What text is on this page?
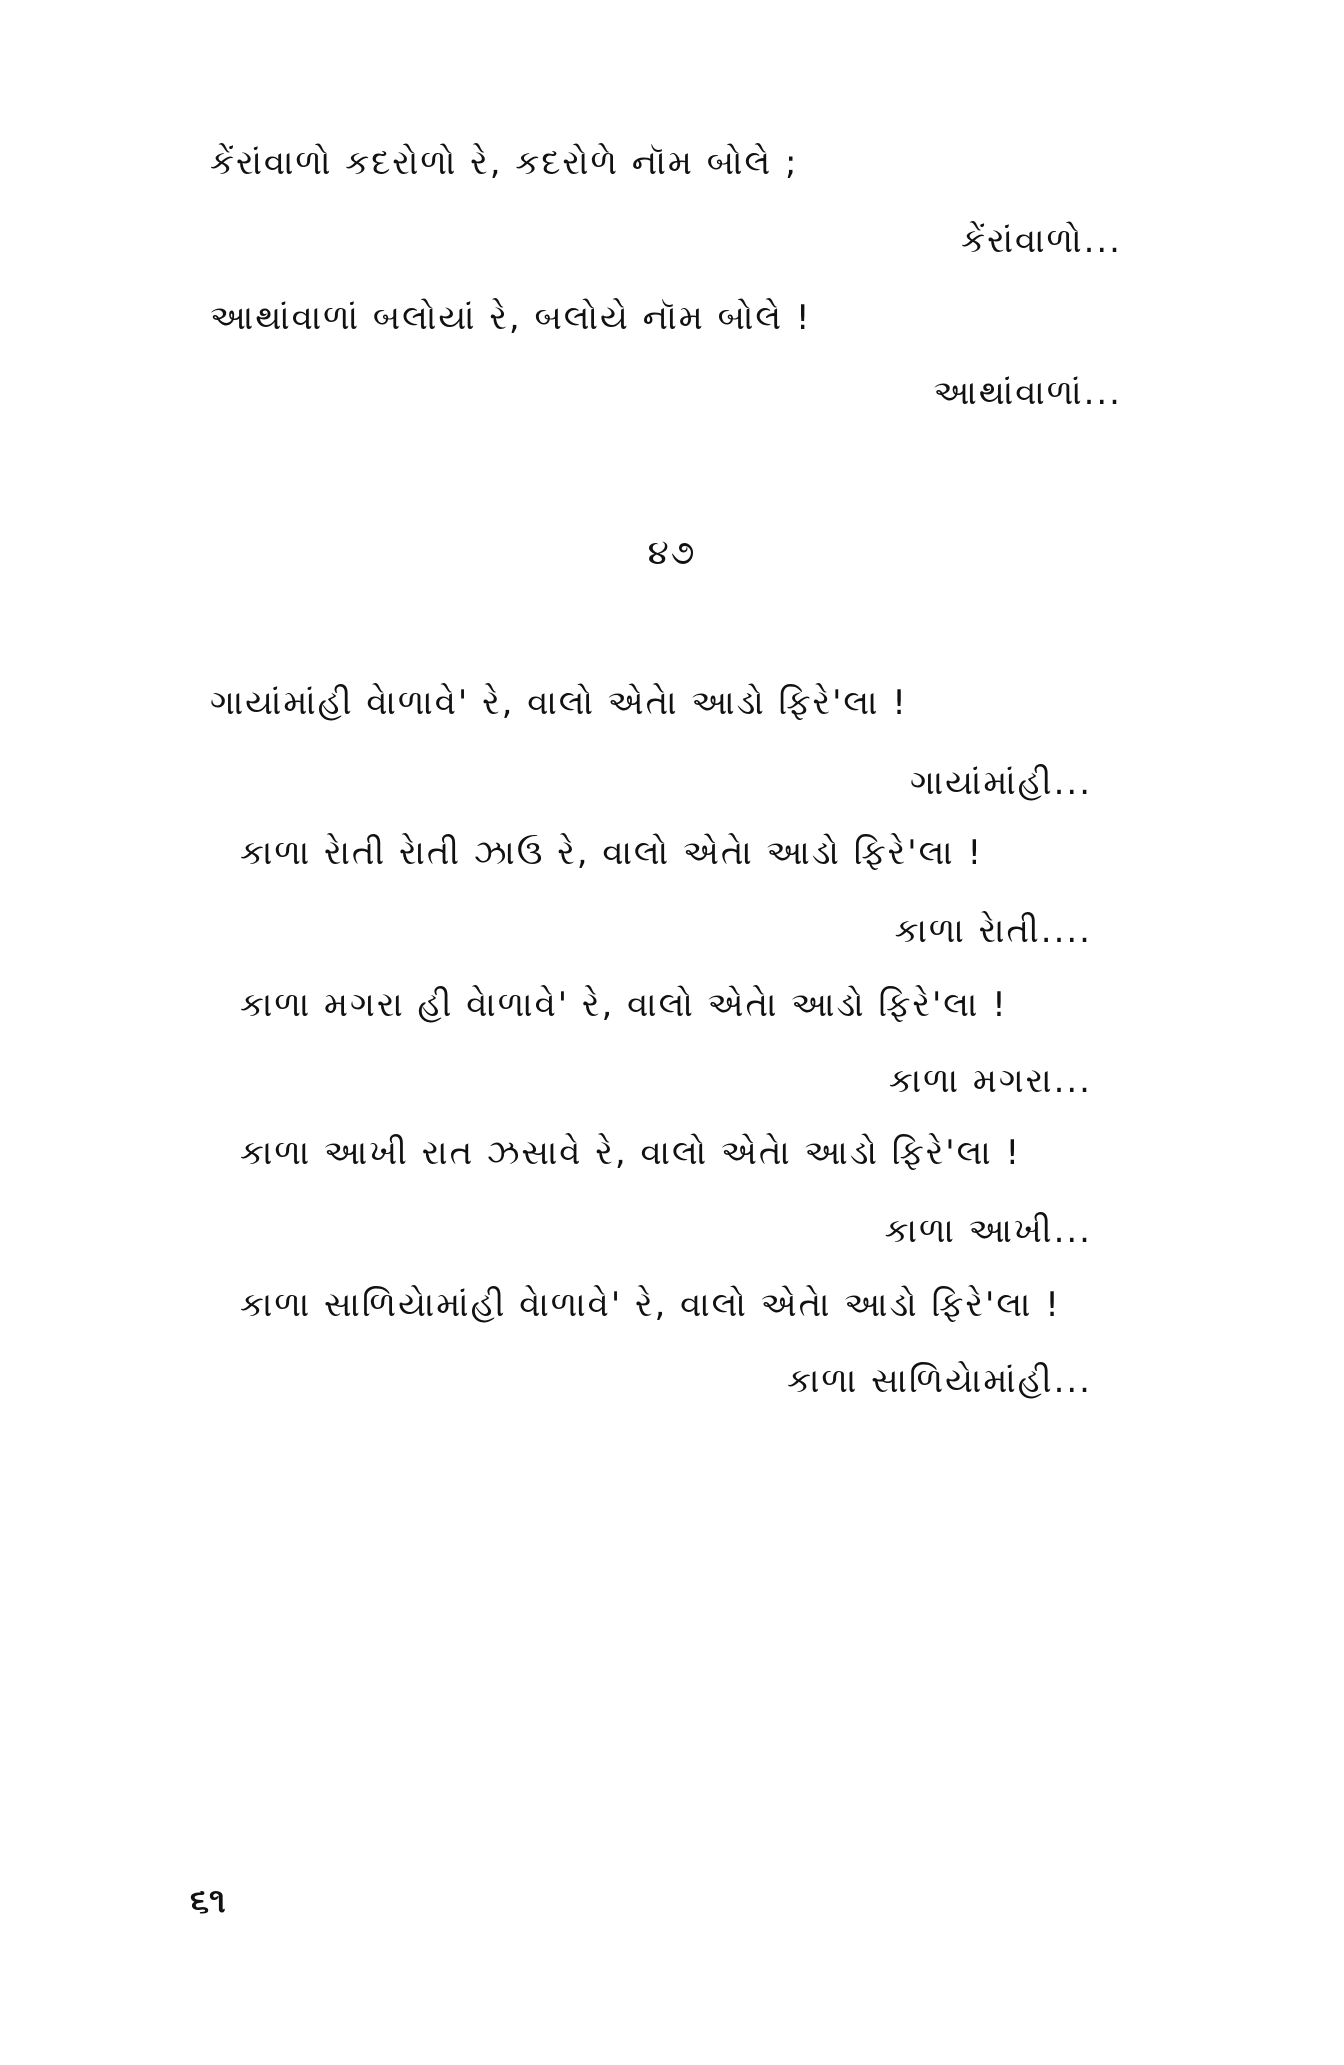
કેંરાંવાળો કદરોળો રે, કદરોળે નૉમ બોલે ;
કેંરાંવાળો...
આથાંવાળાં બલોયાં રે, બલોયે નૉમ બોલે !
આથાંવાળાં...
૪૭
ગાયાંમાંહી વેાળાવે' રે, વાલો એતેા આડો ફિરે'લા !
ગાયાંમાંહી...
કાળા રેાતી રેાતી ઝાઉ રે, વાલો એતેા આડો ફિરે'લા !
કાળા રેાતી....
કાળા મગરા હી વેાળાવે' રે, વાલો એતેા આડો ફિરે'લા !
કાળા મગરા...
કાળા આખી રાત ઝસાવે રે, વાલો એતેા આડો ફિરે'લા !
કાળા આખી...
કાળા સાળિયેામાંહી વેાળાવે' રે, વાલો એતેા આડો ફિરે'લા !
કાળા સાળિયેામાંહી...
૬૧
